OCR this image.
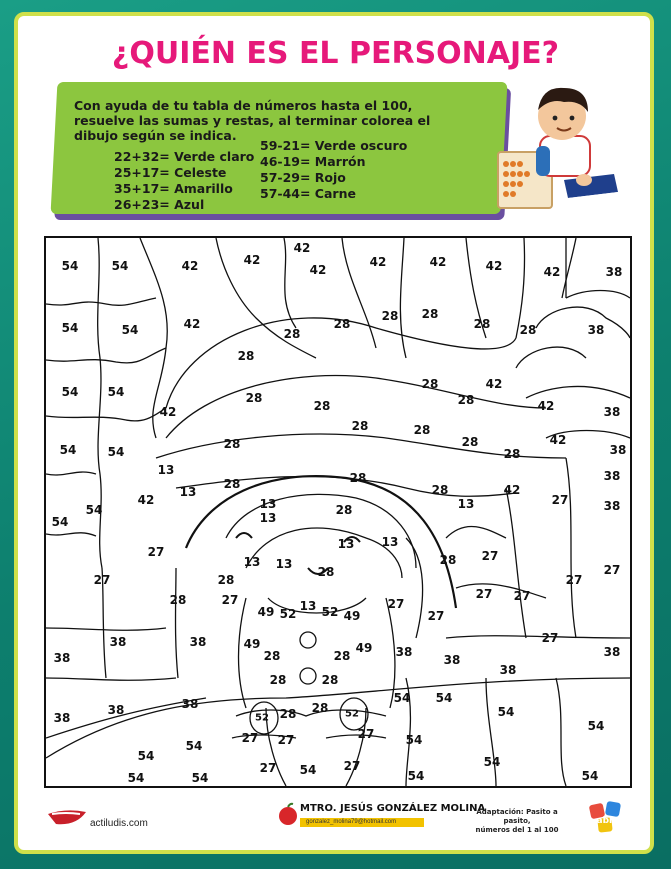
¿QUIÉN ES EL PERSONAJE?
Con ayuda de tu tabla de números hasta el 100, resuelve las sumas y restas, al terminar colorea el dibujo según se indica.
22+32= Verde claro
25+17= Celeste
35+17= Amarillo
26+23= Azul
59-21= Verde oscuro
46-19= Marrón
57-29= Rojo
57-44= Carne
54	54	42	42
42
42
42	42	42	42	38
54	54	42
28
28
28 28
28 28	38
28
28
28
28
28
42
38
54 54
42
28
28	28
28
42
38
54	54
13
28	28
28
28
42
42
38
54
13
13
28
28
13	27
38
42
54	13
13
28
28
27
27
27
13 13
13
27 27
27
27
28	27
38
27
49 52
13 52 49
27
27
38
38	38	49
28	28
49 38
38
38
28	28
38
38	38
52 28 28 52
54 54
54
54
27 27	27	54
54
54
54
27 54 27	54
54	54	54
actiludis.com
MTRO. JESÚS GONZÁLEZ MOLINA
gonzalez_molina79@hotmail.com
Adaptación: Pasito a pasito,
números del 1 al 100
abn
